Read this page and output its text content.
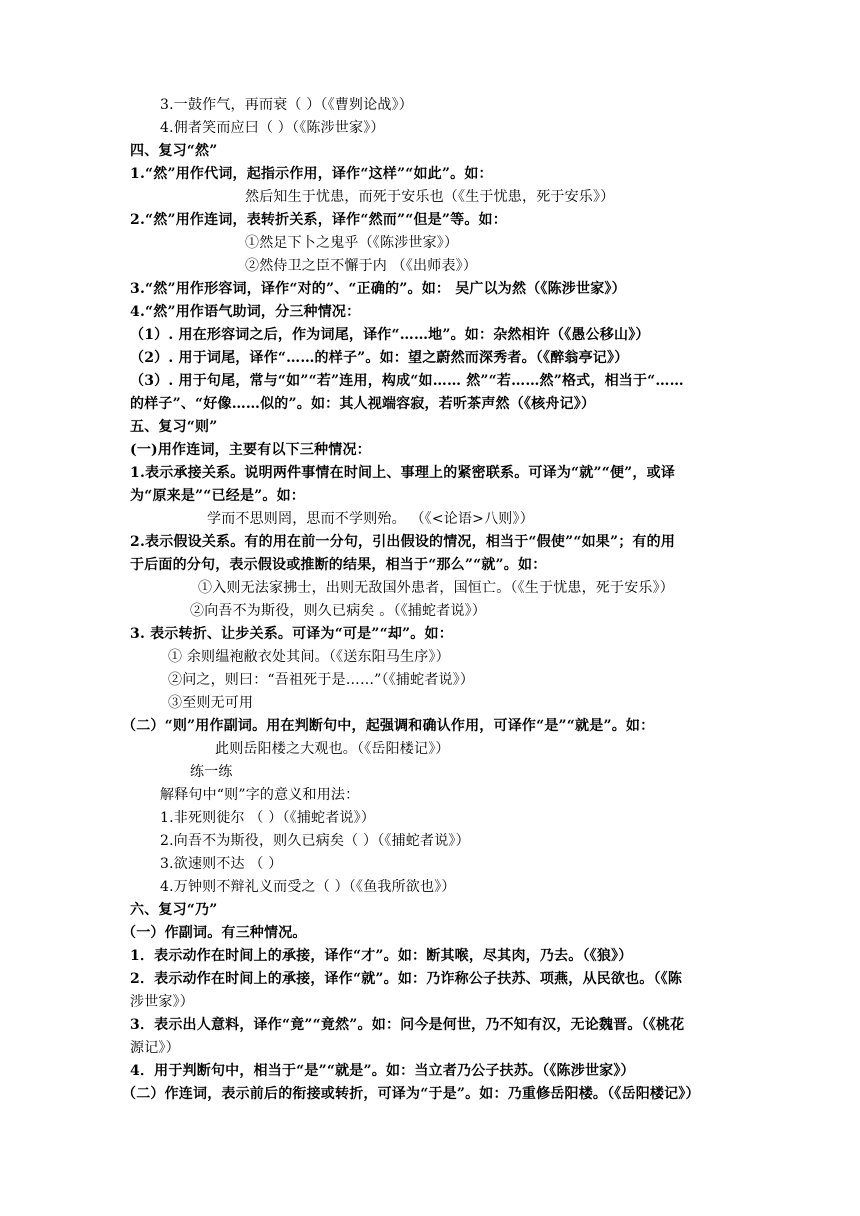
3.一鼓作气，再而衰（ ）（《曹刿论战》）
4.佣者笑而应曰（ ）（《陈涉世家》）
四、复习“然”
1.“然”用作代词，起指示作用，译作“这样”“如此”。如：
然后知生于忧患，而死于安乐也（《生于忧患，死于安乐》）
2.“然”用作连词，表转折关系，译作“然而”“但是”等。如：
①然足下卜之鬼乎（《陈涉世家》）
②然侍卫之臣不懈于内 （《出师表》）
3.“然”用作形容词，译作“对的”、“正确的”。如： 吴广以为然（《陈涉世家》）
4.“然”用作语气助词，分三种情况：
（1）. 用在形容词之后，作为词尾，译作“……地”。如：杂然相许（《愚公移山》）
（2）. 用于词尾，译作“……的样子”。如：望之蔚然而深秀者。（《醉翁亭记》）
（3）. 用于句尾，常与“如”“若”连用，构成“如…… 然”“若……然”格式，相当于“……
的样子”、“好像……似的”。如：其人视端容寂，若听茶声然（《核舟记》）
五、复习“则”
(一)用作连词，主要有以下三种情况：
1.表示承接关系。说明两件事情在时间上、事理上的紧密联系。可译为“就”“便”，或译
为“原来是”“已经是”。如：
学而不思则罔，思而不学则殆。 （《<论语>八则》）
2.表示假设关系。有的用在前一分句，引出假设的情况，相当于“假使”“如果”；有的用
于后面的分句，表示假设或推断的结果，相当于“那么”“就”。如：
①入则无法家拂士，出则无敌国外患者，国恒亡。（《生于忧患，死于安乐》）
②向吾不为斯役，则久已病矣 。（《捕蛇者说》）
3. 表示转折、让步关系。可译为“可是”“却”。如：
① 余则缊袍敝衣处其间。（《送东阳马生序》）
②问之，则曰：“吾祖死于是……”（《捕蛇者说》）
③至则无可用
（二）“则”用作副词。用在判断句中，起强调和确认作用，可译作“是”“就是”。如：
此则岳阳楼之大观也。（《岳阳楼记》）
练一练
解释句中“则”字的意义和用法：
1.非死则徙尔 （ ）（《捕蛇者说》）
2.向吾不为斯役，则久已病矣（ ）（《捕蛇者说》）
3.欲速则不达 （ ）
4.万钟则不辩礼义而受之（ ）（《鱼我所欲也》）
六、复习“乃”
（一）作副词。有三种情况。
1．表示动作在时间上的承接，译作“才”。如：断其喉，尽其肉，乃去。（《狼》）
2．表示动作在时间上的承接，译作“就”。如：乃诈称公子扶苏、项燕，从民欲也。（《陈
涉世家》）
3．表示出人意料，译作“竟”“竟然”。如：问今是何世，乃不知有汉，无论魏晋。（《桃花
源记》）
4．用于判断句中，相当于“是”“就是”。如：当立者乃公子扶苏。（《陈涉世家》）
（二）作连词，表示前后的衔接或转折，可译为“于是”。如：乃重修岳阳楼。（《岳阳楼记》）
